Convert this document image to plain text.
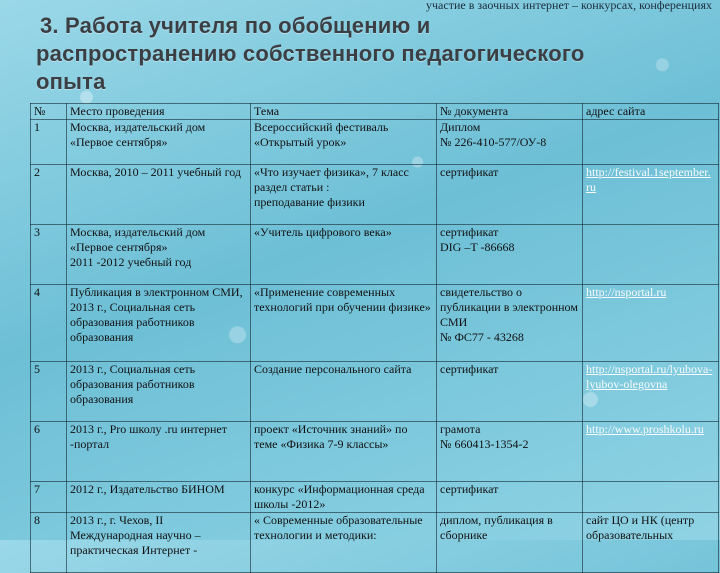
участие в заочных интернет – конкурсах, конференциях
3. Работа учителя по обобщению и
распространению собственного педагогического
опыта
№	Место проведения	Тема	№ документа	адрес сайта
1	Москва, издательский дом «Первое сентября»	Всероссийский фестиваль «Открытый урок»	Диплом
№ 226-410-577/ОУ-8	
2	Москва, 2010 – 2011 учебный год	«Что изучает физика», 7 класс
раздел статьи :
преподавание физики	сертификат	http://festival.1september. ru
3	Москва, издательский дом «Первое сентября»
2011 -2012 учебный год	«Учитель цифрового века»	сертификат
DIG –T -86668	
4	Публикация в электронном СМИ, 2013 г., Социальная сеть образования работников образования	«Применение современных технологий при обучении физике»	свидетельство о публикации в электронном СМИ
№ ФС77 - 43268	http://nsportal.ru
5	2013 г., Социальная сеть образования работников образования	Создание персонального сайта	сертификат	http://nsportal.ru/lyubova-lyubov-olegovna
6	2013 г., Pro школу .ru интернет -портал	проект «Источник знаний» по теме «Физика 7-9 классы»	грамота
№ 660413-1354-2	http://www.proshkolu.ru
7	2012 г., Издательство БИНОМ	конкурс «Информационная среда школы -2012»	сертификат	
8	2013 г., г. Чехов, II Международная научно – практическая Интернет -	« Современные образовательные технологии и методики:	диплом, публикация в сборнике	сайт ЦО и НК (центр образовательных
